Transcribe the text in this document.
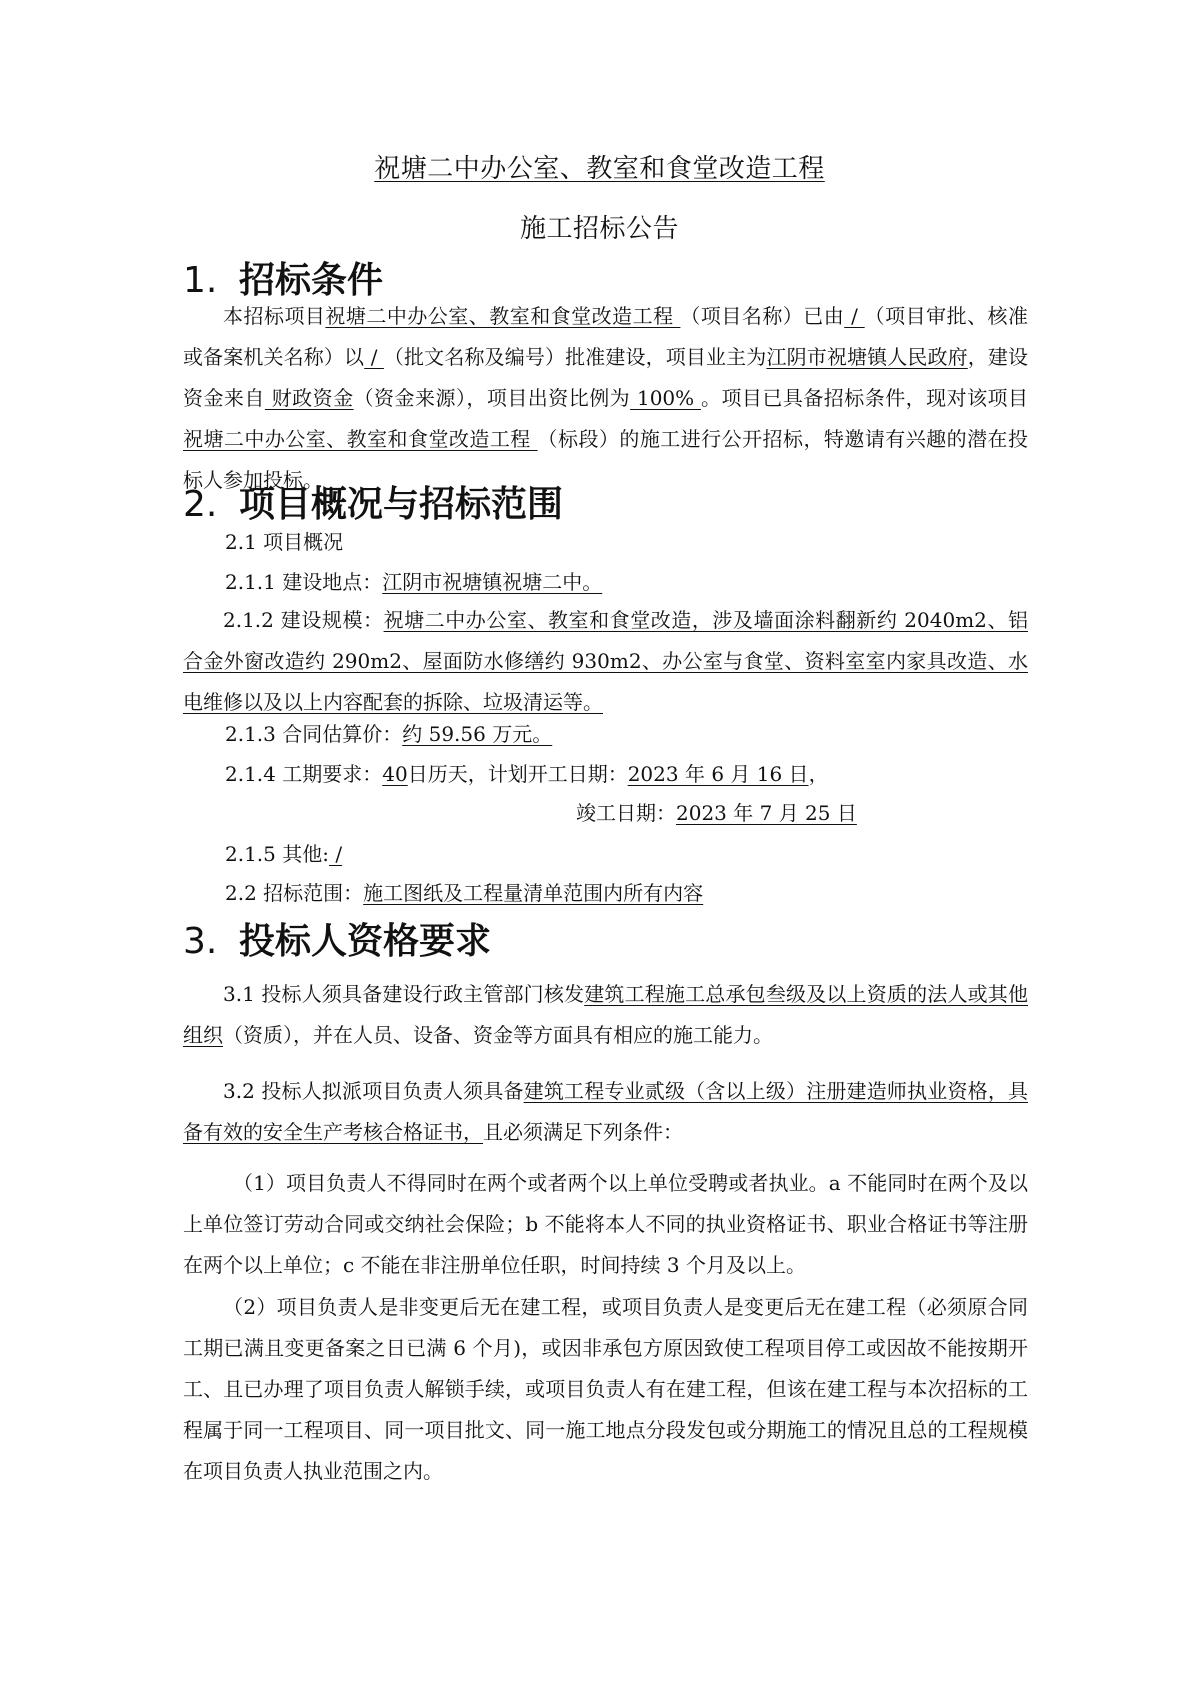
祝塘二中办公室、教室和食堂改造工程
施工招标公告
1. 招标条件
本招标项目祝塘二中办公室、教室和食堂改造工程 （项目名称）已由 / （项目审批、核准或备案机关名称）以 / （批文名称及编号）批准建设，项目业主为江阴市祝塘镇人民政府，建设资金来自 财政资金（资金来源），项目出资比例为 100% 。项目已具备招标条件，现对该项目祝塘二中办公室、教室和食堂改造工程 （标段）的施工进行公开招标，特邀请有兴趣的潜在投标人参加投标。
2. 项目概况与招标范围
2.1 项目概况
2.1.1 建设地点：江阴市祝塘镇祝塘二中。
2.1.2 建设规模：祝塘二中办公室、教室和食堂改造，涉及墙面涂料翻新约 2040m2、铝合金外窗改造约 290m2、屋面防水修缮约 930m2、办公室与食堂、资料室室内家具改造、水电维修以及以上内容配套的拆除、垃圾清运等。
2.1.3 合同估算价：约 59.56 万元。
2.1.4 工期要求：40日历天，计划开工日期：2023 年 6 月 16 日，
竣工日期：2023 年 7 月 25 日
2.1.5 其他: /
2.2 招标范围：施工图纸及工程量清单范围内所有内容
3. 投标人资格要求
3.1 投标人须具备建设行政主管部门核发建筑工程施工总承包叁级及以上资质的法人或其他组织（资质），并在人员、设备、资金等方面具有相应的施工能力。
3.2 投标人拟派项目负责人须具备建筑工程专业贰级（含以上级）注册建造师执业资格，具备有效的安全生产考核合格证书，且必须满足下列条件：
（1）项目负责人不得同时在两个或者两个以上单位受聘或者执业。a 不能同时在两个及以上单位签订劳动合同或交纳社会保险；b 不能将本人不同的执业资格证书、职业合格证书等注册在两个以上单位；c 不能在非注册单位任职，时间持续 3 个月及以上。
（2）项目负责人是非变更后无在建工程，或项目负责人是变更后无在建工程（必须原合同工期已满且变更备案之日已满 6 个月)，或因非承包方原因致使工程项目停工或因故不能按期开工、且已办理了项目负责人解锁手续，或项目负责人有在建工程，但该在建工程与本次招标的工程属于同一工程项目、同一项目批文、同一施工地点分段发包或分期施工的情况且总的工程规模在项目负责人执业范围之内。
